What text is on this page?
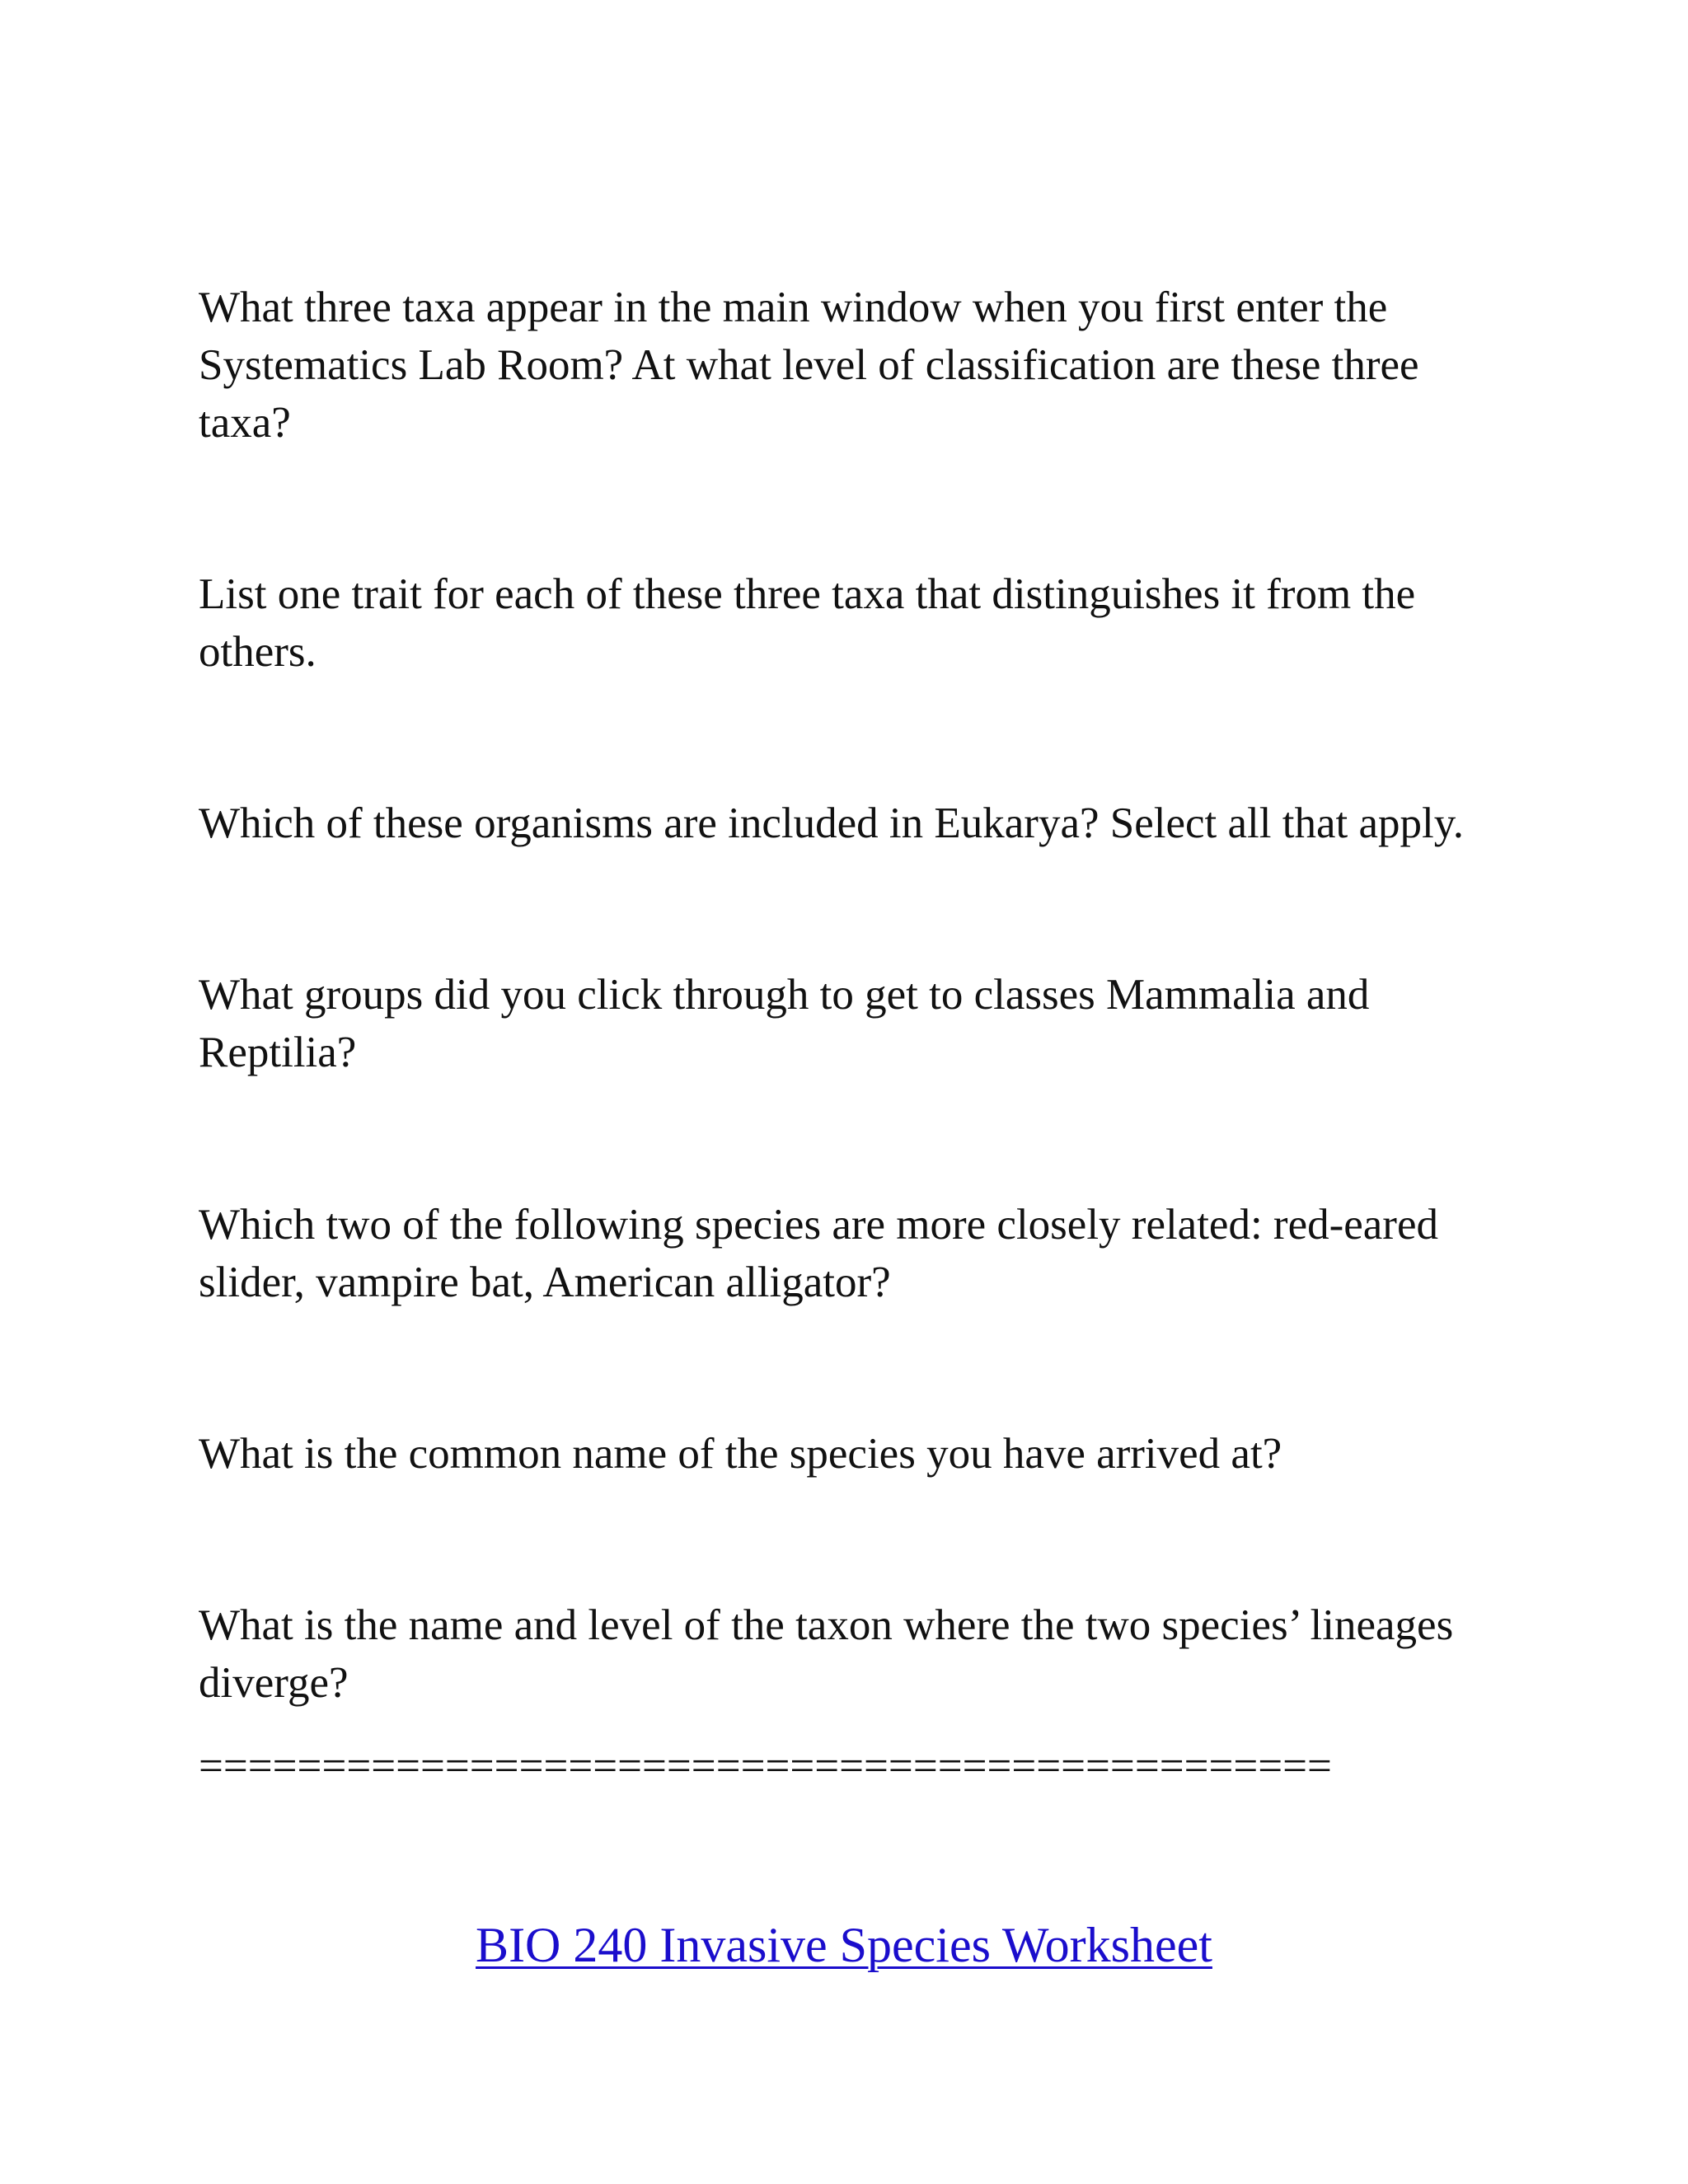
What three taxa appear in the main window when you first enter the Systematics Lab Room? At what level of classification are these three taxa?

List one trait for each of these three taxa that distinguishes it from the others.

Which of these organisms are included in Eukarya? Select all that apply.

What groups did you click through to get to classes Mammalia and Reptilia?

Which two of the following species are more closely related: red-eared slider, vampire bat, American alligator?

What is the common name of the species you have arrived at?

What is the name and level of the taxon where the two species’ lineages diverge?

==============================================
BIO 240 Invasive Species Worksheet
